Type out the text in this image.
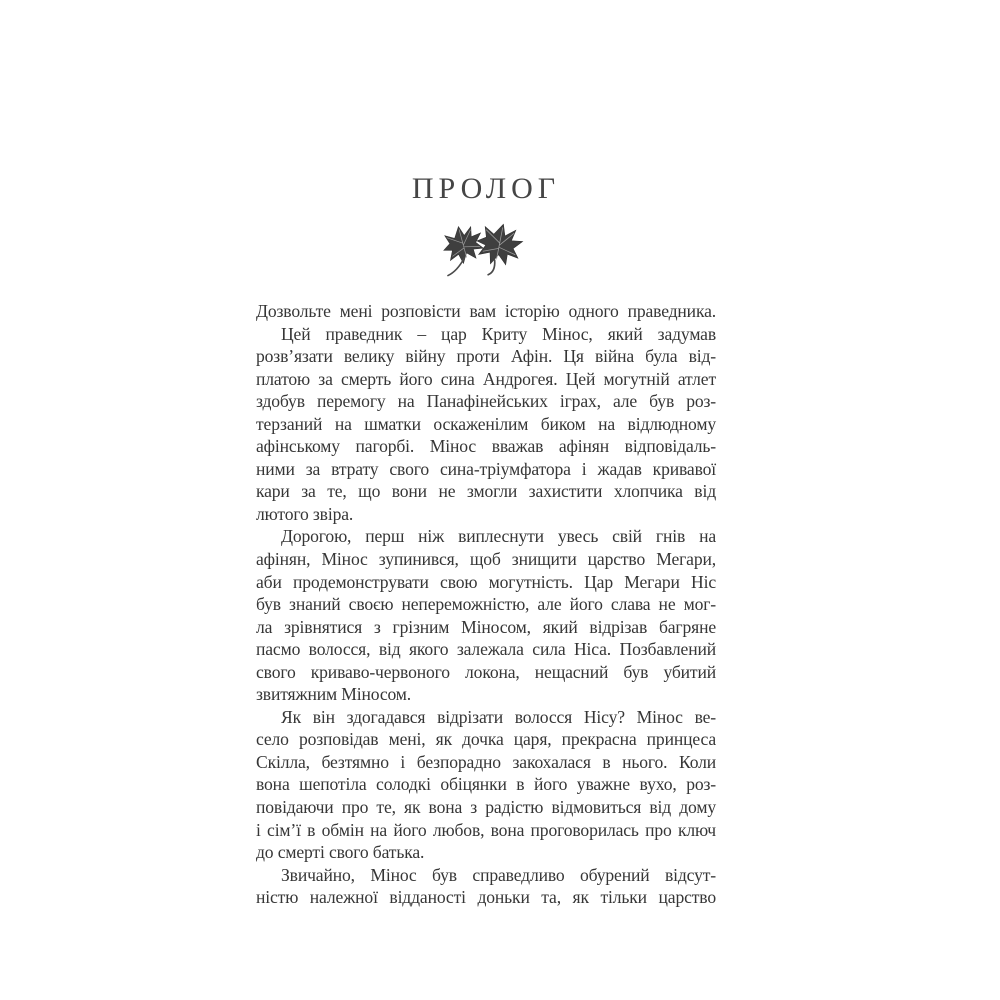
ПРОЛОГ
Дозвольте мені розповісти вам історію одного праведника.
Цей праведник – цар Криту Мінос, який задумав
розв’язати велику війну проти Афін. Ця війна була від-
платою за смерть його сина Андрогея. Цей могутній атлет
здобув перемогу на Панафінейських іграх, але був роз-
терзаний на шматки оскаженілим биком на відлюдному
афінському пагорбі. Мінос вважав афінян відповідаль-
ними за втрату свого сина-тріумфатора і жадав кривавої
кари за те, що вони не змогли захистити хлопчика від
лютого звіра.
Дорогою, перш ніж виплеснути увесь свій гнів на
афінян, Мінос зупинився, щоб знищити царство Мегари,
аби продемонструвати свою могутність. Цар Мегари Ніс
був знаний своєю непереможністю, але його слава не мог-
ла зрівнятися з грізним Міносом, який відрізав багряне
пасмо волосся, від якого залежала сила Ніса. Позбавлений
свого криваво-червоного локона, нещасний був убитий
звитяжним Міносом.
Як він здогадався відрізати волосся Нісу? Мінос ве-
село розповідав мені, як дочка царя, прекрасна принцеса
Скілла, безтямно і безпорадно закохалася в нього. Коли
вона шепотіла солодкі обіцянки в його уважне вухо, роз-
повідаючи про те, як вона з радістю відмовиться від дому
і сім’ї в обмін на його любов, вона проговорилась про ключ
до смерті свого батька.
Звичайно, Мінос був справедливо обурений відсут-
ністю належної відданості доньки та, як тільки царство
